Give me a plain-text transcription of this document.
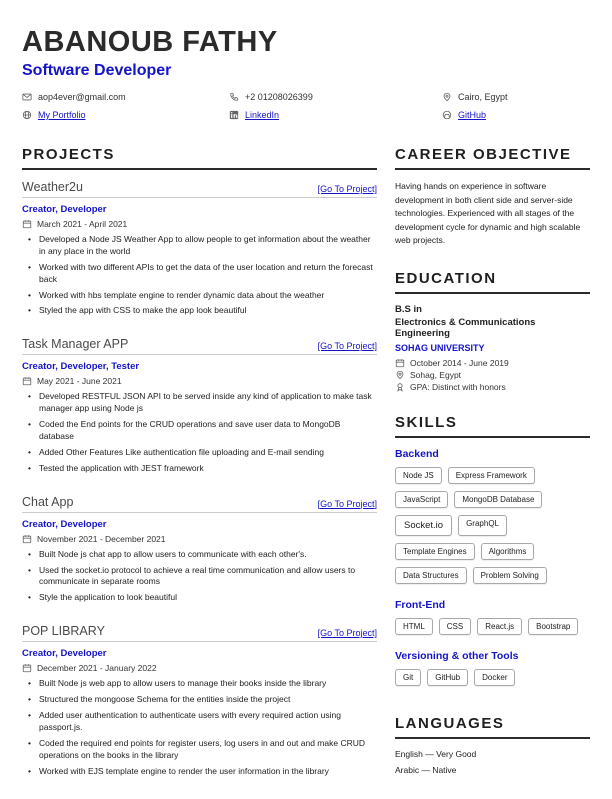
ABANOUB FATHY
Software Developer
aop4ever@gmail.com	+2 01208026399	Cairo, Egypt
My Portfolio	LinkedIn	GitHub
PROJECTS
Weather2u	[Go To Project]
Creator, Developer
March 2021 - April 2021
• Developed a Node JS Weather App to allow people to get information about the weather in any place in the world
• Worked with two different APIs to get the data of the user location and return the forecast back
• Worked with hbs template engine to render dynamic data about the weather
• Styled the app with CSS to make the app look beautiful
Task Manager APP	[Go To Project]
Creator, Developer, Tester
May 2021 - June 2021
• Developed RESTFUL JSON API to be served inside any kind of application to make task manager app using Node js
• Coded the End points for the CRUD operations and save user data to MongoDB database
• Added Other Features Like authentication file uploading and E-mail sending
• Tested the application with JEST framework
Chat App	[Go To Project]
Creator, Developer
November 2021 - December 2021
• Built Node js chat app to allow users to communicate with each other's.
• Used the socket.io protocol to achieve a real time communication and allow users to communicate in separate rooms
• Style the application to look beautiful
POP LIBRARY	[Go To Project]
Creator, Developer
December 2021 - January 2022
• Built Node js web app to allow users to manage their books inside the library
• Structured the mongoose Schema for the entities inside the project
• Added user authentication to authenticate users with every required action using passport.js.
• Coded the required end points for register users, log users in and out and make CRUD operations on the books in the library
• Worked with EJS template engine to render the user information in the library
CAREER OBJECTIVE

Having hands on experience in software development in both client side and server-side technologies. Experienced with all stages of the development cycle for dynamic and high scalable web projects.

EDUCATION
B.S in
Electronics & Communications Engineering
SOHAG UNIVERSITY
October 2014 - June 2019
Sohag, Egypt
GPA: Distinct with honors
SKILLS
Backend
Node JS	Express Framework
JavaScript	MongoDB Database
Socket.io	GraphQL
Template Engines	Algorithms
Data Structures	Problem Solving
Front-End
HTML	CSS	React.js	Bootstrap
Versioning & other Tools
Git	GitHub	Docker
LANGUAGES
English — Very Good
Arabic — Native
